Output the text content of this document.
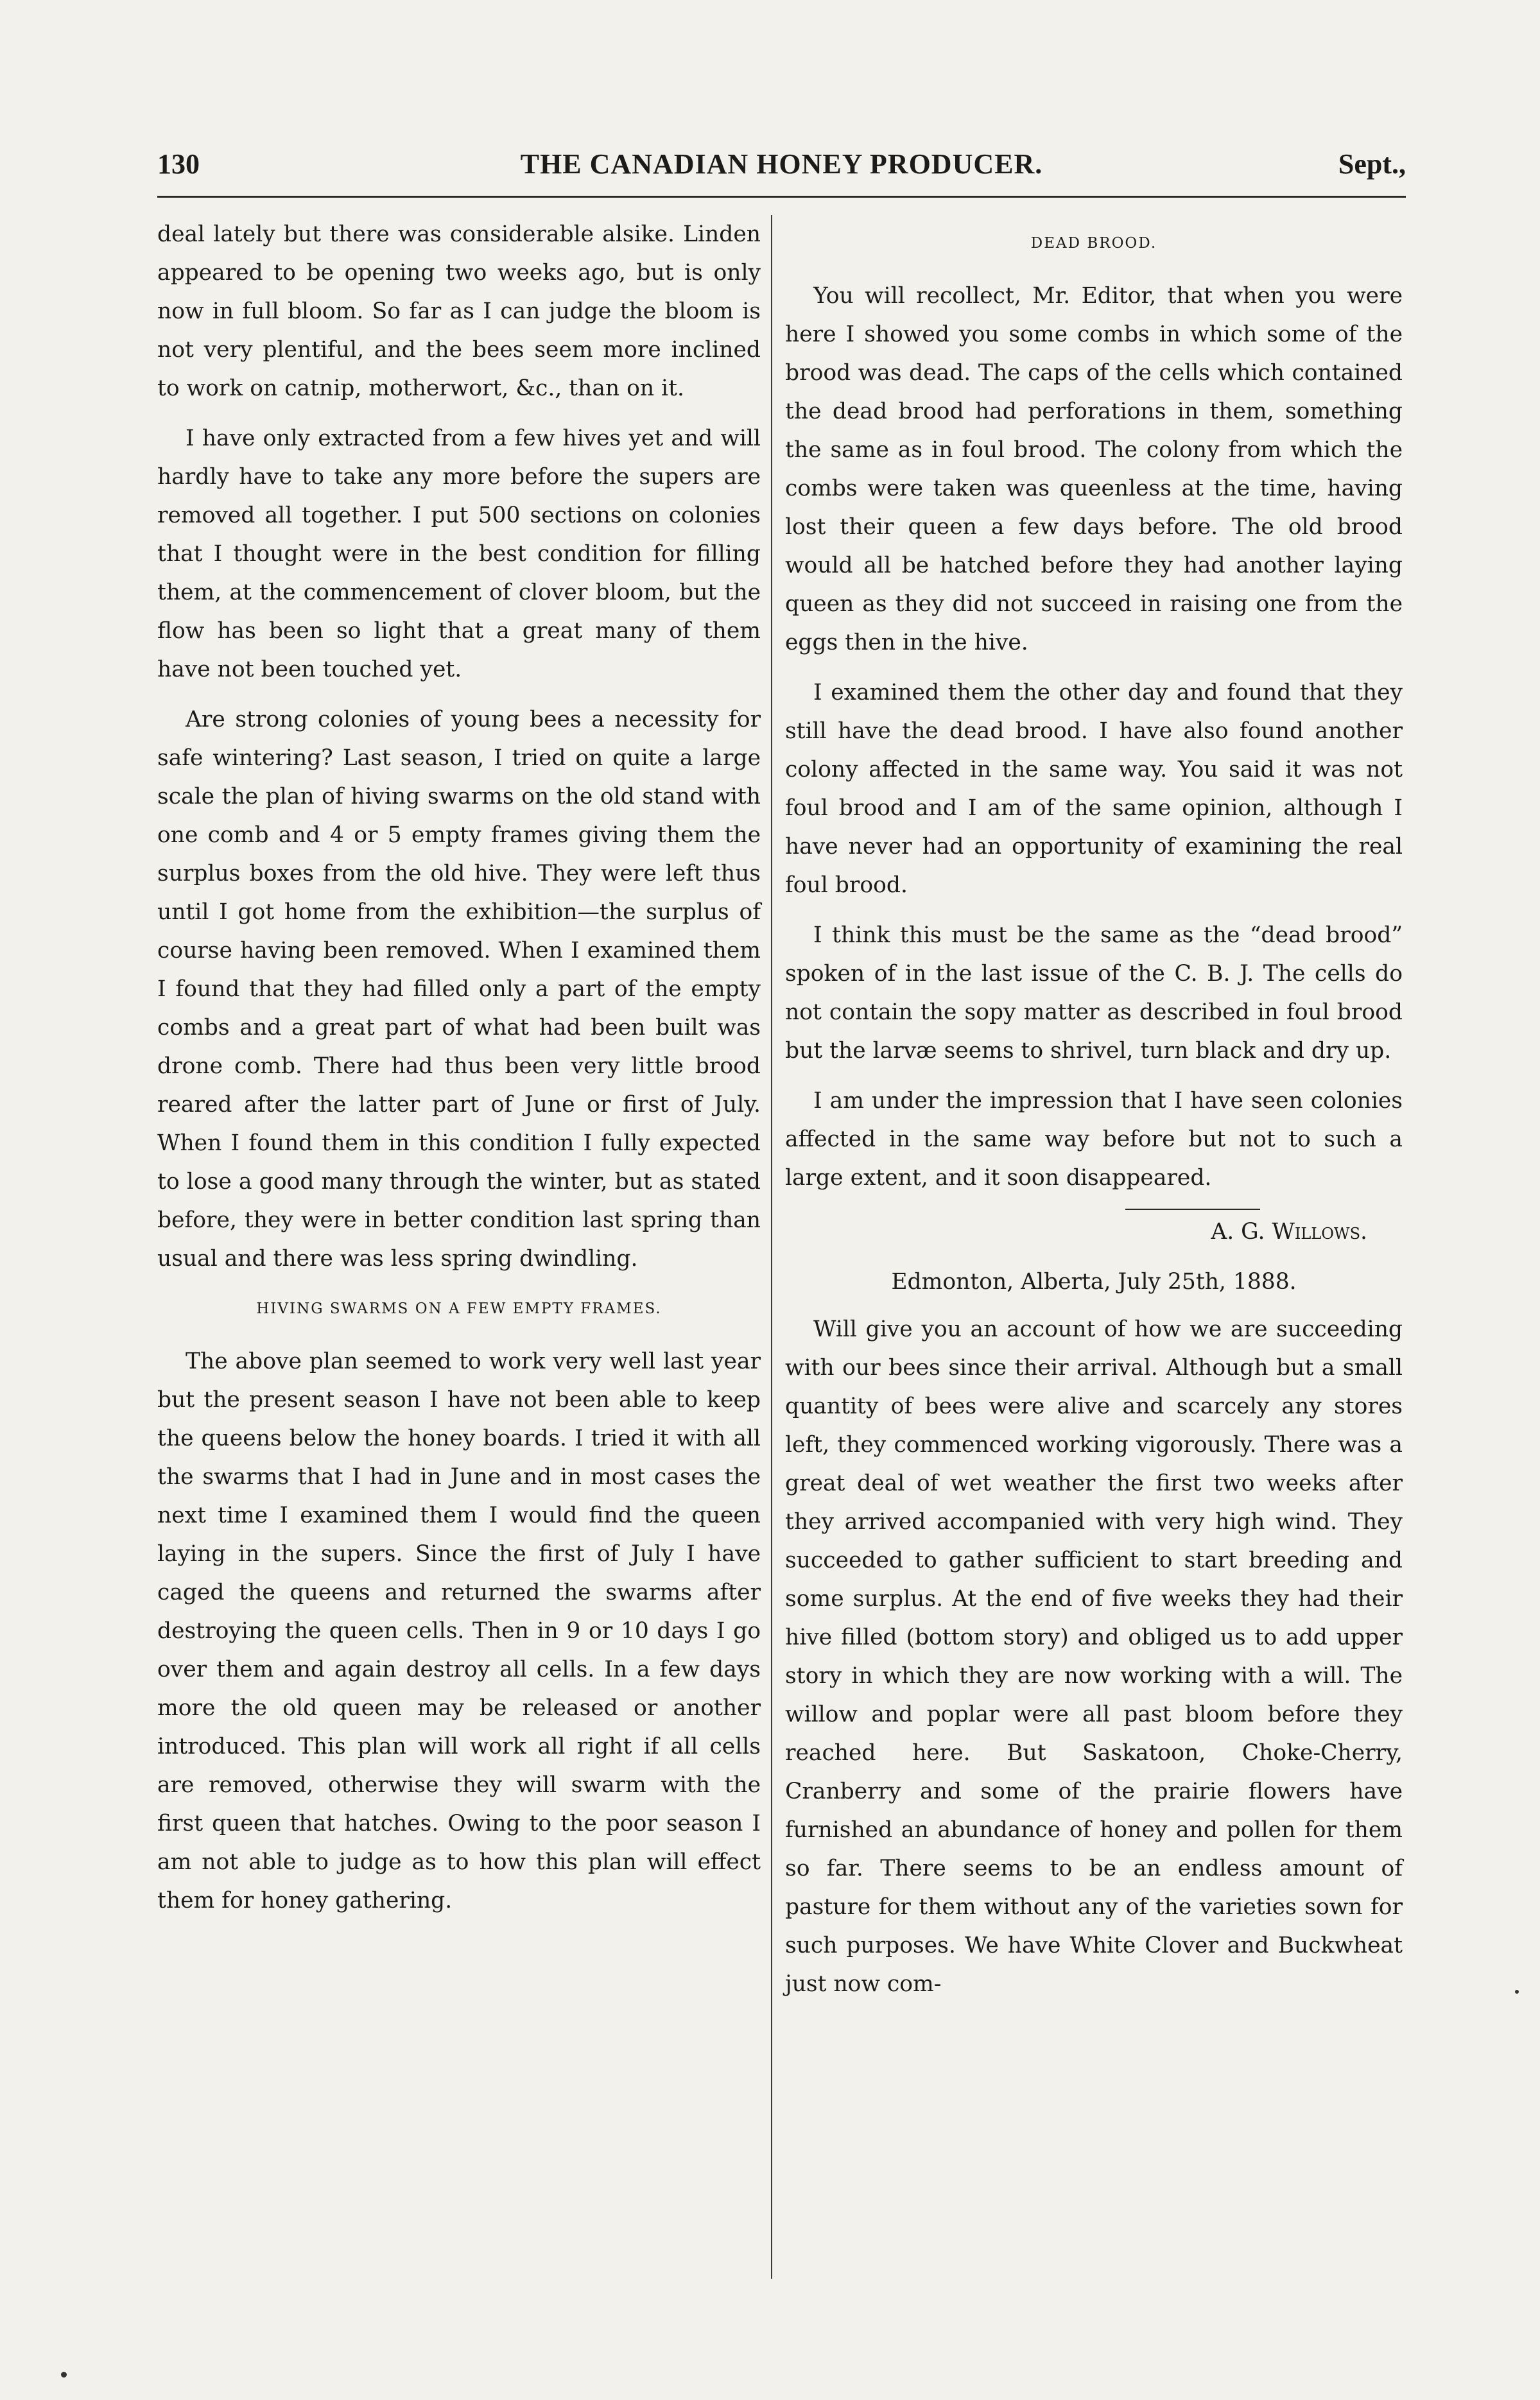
130	THE CANADIAN HONEY PRODUCER.	Sept.,

deal lately but there was considerable alsike. Linden appeared to be opening two weeks ago, but is only now in full bloom. So far as I can judge the bloom is not very plentiful, and the bees seem more inclined to work on catnip, motherwort, &c., than on it.

I have only extracted from a few hives yet and will hardly have to take any more before the supers are removed all together. I put 500 sections on colonies that I thought were in the best condition for filling them, at the commencement of clover bloom, but the flow has been so light that a great many of them have not been touched yet.

Are strong colonies of young bees a necessity for safe wintering? Last season, I tried on quite a large scale the plan of hiving swarms on the old stand with one comb and 4 or 5 empty frames giving them the surplus boxes from the old hive. They were left thus until I got home from the exhibition—the surplus of course having been removed. When I examined them I found that they had filled only a part of the empty combs and a great part of what had been built was drone comb. There had thus been very little brood reared after the latter part of June or first of July. When I found them in this condition I fully expected to lose a good many through the winter, but as stated before, they were in better condition last spring than usual and there was less spring dwindling.

HIVING SWARMS ON A FEW EMPTY FRAMES.

The above plan seemed to work very well last year but the present season I have not been able to keep the queens below the honey boards. I tried it with all the swarms that I had in June and in most cases the next time I examined them I would find the queen laying in the supers. Since the first of July I have caged the queens and returned the swarms after destroying the queen cells. Then in 9 or 10 days I go over them and again destroy all cells. In a few days more the old queen may be released or another introduced. This plan will work all right if all cells are removed, otherwise they will swarm with the first queen that hatches. Owing to the poor season I am not able to judge as to how this plan will effect them for honey gathering.

DEAD BROOD.

You will recollect, Mr. Editor, that when you were here I showed you some combs in which some of the brood was dead. The caps of the cells which contained the dead brood had perforations in them, something the same as in foul brood. The colony from which the combs were taken was queenless at the time, having lost their queen a few days before. The old brood would all be hatched before they had another laying queen as they did not succeed in raising one from the eggs then in the hive.

I examined them the other day and found that they still have the dead brood. I have also found another colony affected in the same way. You said it was not foul brood and I am of the same opinion, although I have never had an opportunity of examining the real foul brood.

I think this must be the same as the “dead brood” spoken of in the last issue of the C. B. J. The cells do not contain the sopy matter as described in foul brood but the larvæ seems to shrivel, turn black and dry up.

I am under the impression that I have seen colonies affected in the same way before but not to such a large extent, and it soon disappeared.

A. G. Willows.
Edmonton, Alberta, July 25th, 1888.

Will give you an account of how we are succeeding with our bees since their arrival. Although but a small quantity of bees were alive and scarcely any stores left, they commenced working vigorously. There was a great deal of wet weather the first two weeks after they arrived accompanied with very high wind. They succeeded to gather sufficient to start breeding and some surplus. At the end of five weeks they had their hive filled (bottom story) and obliged us to add upper story in which they are now working with a will. The willow and poplar were all past bloom before they reached here. But Saskatoon, Choke-Cherry, Cranberry and some of the prairie flowers have furnished an abundance of honey and pollen for them so far. There seems to be an endless amount of pasture for them without any of the varieties sown for such purposes. We have White Clover and Buckwheat just now com-
